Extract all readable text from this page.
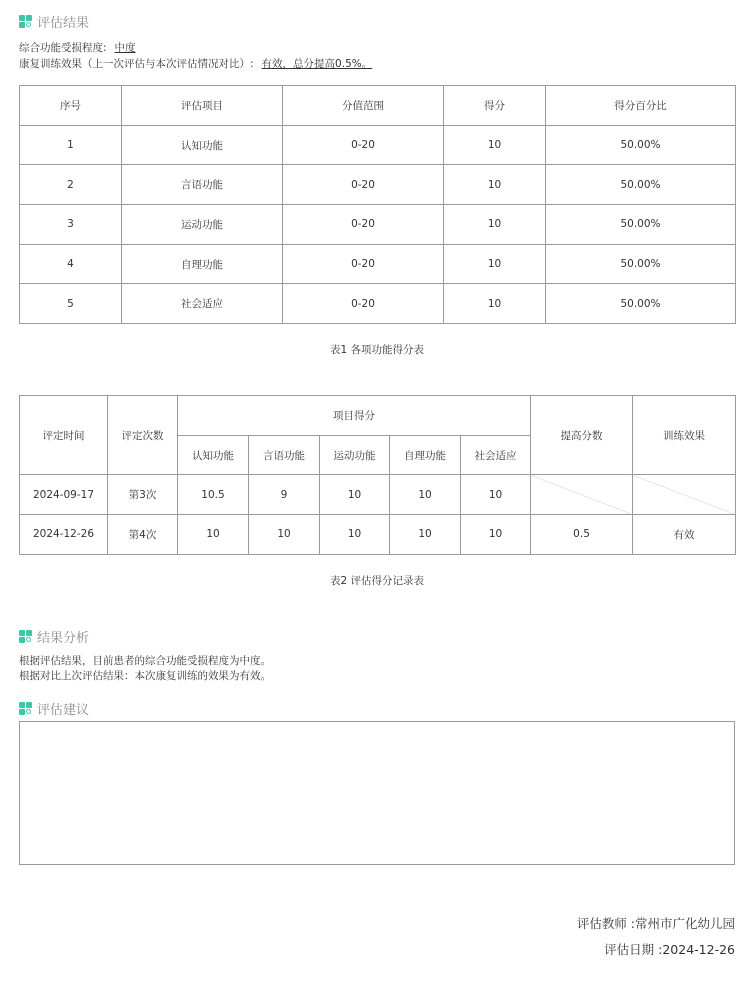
评估结果
综合功能受损程度: 中度
康复训练效果（上一次评估与本次评估情况对比）: 有效，总分提高0.5%。
序号	评估项目	分值范围	得分	得分百分比
1	认知功能	0-20	10	50.00%
2	言语功能	0-20	10	50.00%
3	运动功能	0-20	10	50.00%
4	自理功能	0-20	10	50.00%
5	社会适应	0-20	10	50.00%
表1 各项功能得分表
评定时间	评定次数	项目得分					提高分数	训练效果
		认知功能	言语功能	运动功能	自理功能	社会适应		
2024-09-17	第3次	10.5	9	10	10	10		
2024-12-26	第4次	10	10	10	10	10	0.5	有效
表2 评估得分记录表
结果分析
根据评估结果，目前患者的综合功能受损程度为中度。
根据对比上次评估结果：本次康复训练的效果为有效。
评估建议
评估教师 :常州市广化幼儿园
评估日期 :2024-12-26
